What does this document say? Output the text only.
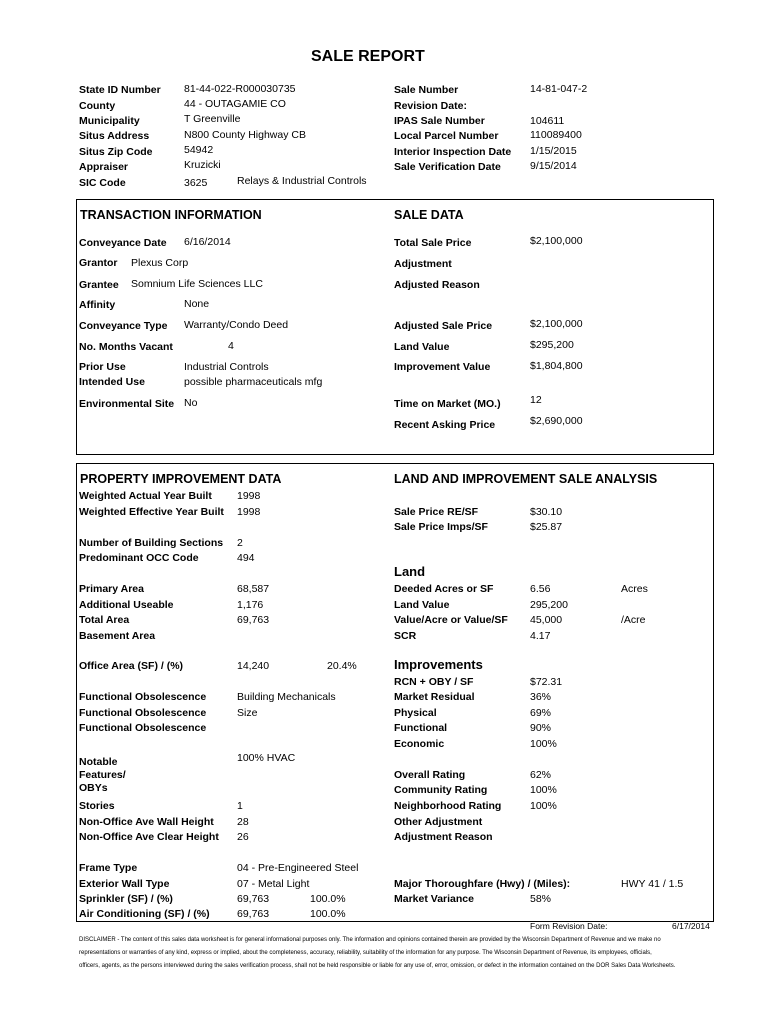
SALE REPORT
State ID Number 81-44-022-R000030735
County	44 - OUTAGAMIE CO
Municipality	T Greenville
Situs Address	N800 County Highway CB
Situs Zip Code	54942
Appraiser	Kruzicki
SIC Code	3625	Relays & Industrial Controls
Sale Number	14-81-047-2
Revision Date:
IPAS Sale Number	104611
Local Parcel Number	110089400
Interior Inspection Date 1/15/2015
Sale Verification Date	9/15/2014
TRANSACTION INFORMATION	SALE DATA
Conveyance Date 6/16/2014
Grantor Plexus Corp
Grantee Somnium Life Sciences LLC
Affinity	None
Conveyance Type Warranty/Condo Deed
No. Months Vacant	4
Prior Use	Industrial Controls
Intended Use	possible pharmaceuticals mfg
Environmental Site No
Total Sale Price	$2,100,000
Adjustment
Adjusted Reason
Adjusted Sale Price	$2,100,000
Land Value	$295,200
Improvement Value	$1,804,800
Time on Market (MO.)	12
Recent Asking Price	$2,690,000
PROPERTY IMPROVEMENT DATA	LAND AND IMPROVEMENT SALE ANALYSIS
Weighted Actual Year Built 1998
Weighted Effective Year Built 1998
Number of Building Sections 2
Predominant OCC Code	494
Primary Area	68,587
Additional Useable	1,176
Total Area	69,763
Basement Area
Office Area (SF) / (%)	14,240	20.4%
Functional Obsolescence	Building Mechanicals
Functional Obsolescence	Size
Functional Obsolescence
Notable
Features/
OBYs
100% HVAC
Stories	1
Non-Office Ave Wall Height 28
Non-Office Ave Clear Height 26
Frame Type	04 - Pre-Engineered Steel
Exterior Wall Type	07 - Metal Light
Sprinkler (SF) / (%)	69,763	100.0%
Air Conditioning (SF) / (%)	69,763	100.0%
Sale Price RE/SF	$30.10
Sale Price Imps/SF	$25.87
Land
Deeded Acres or SF	6.56	Acres
Land Value	295,200
Value/Acre or Value/SF 45,000	/Acre
SCR	4.17
Improvements
RCN + OBY / SF	$72.31
Market Residual	36%
Physical	69%
Functional	90%
Economic	100%
Overall Rating	62%
Community Rating	100%
Neighborhood Rating	100%
Other Adjustment
Adjustment Reason
Major Thoroughfare (Hwy) / (Miles):	HWY 41 / 1.5
Market Variance	58%
Form Revision Date:	6/17/2014
DISCLAIMER - The content of this sales data worksheet is for general informational purposes only. The information and opinions contained therein are provided by the Wisconsin Department of Revenue and we make no
representations or warranties of any kind, express or implied, about the completeness, accuracy, reliability, suitability of the information for any purpose. The Wisconsin Department of Revenue, its employees, officials,
officers, agents, as the persons interviewed during the sales verification process, shall not be held responsible or liable for any use of, error, omission, or defect in the information contained on the DOR Sales Data Worksheets.
